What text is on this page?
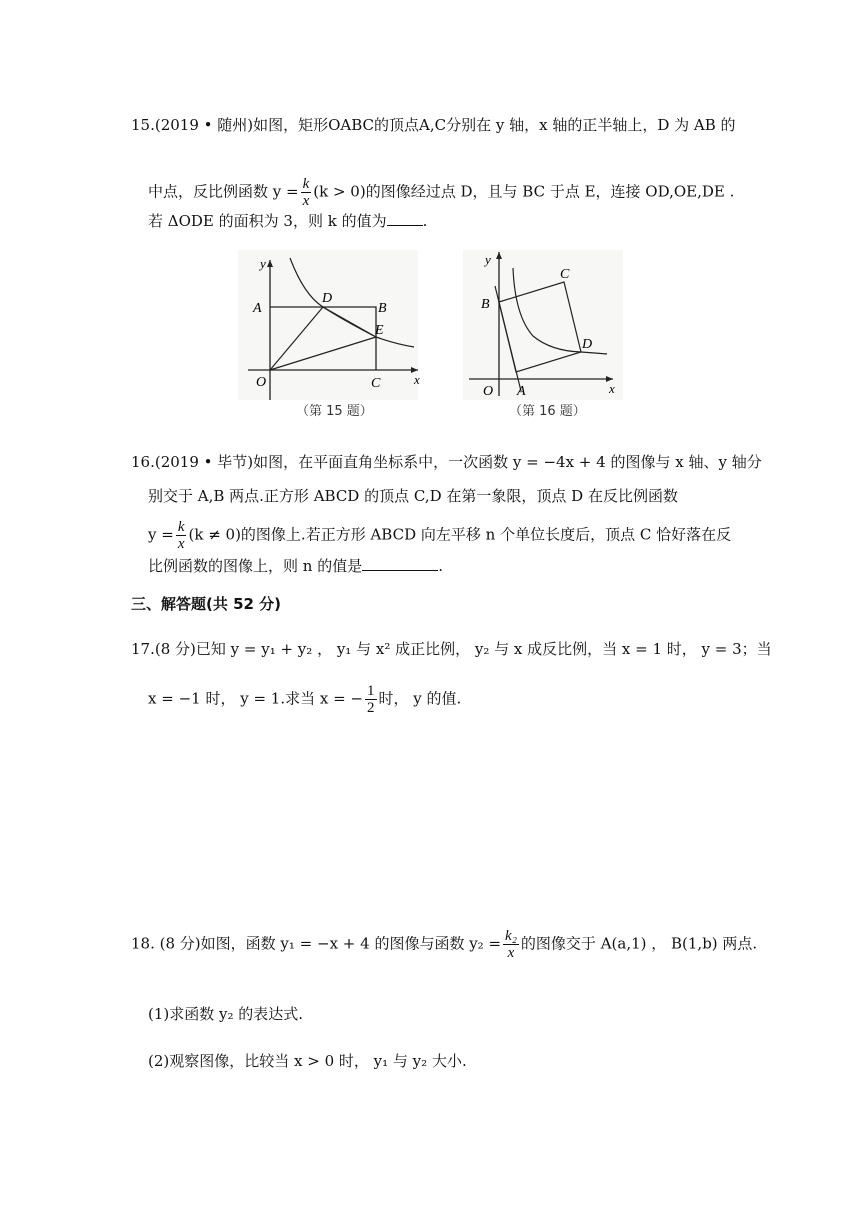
15.(2019 • 随州)如图，矩形OABC的顶点A,C分别在 y 轴，x 轴的正半轴上，D 为 AB 的
中点，反比例函数 $y = \frac{k}{x} (k > 0)$的图像经过点 D，且与 BC 于点 E，连接 OD,OE,DE .
若 ΔODE 的面积为 3，则 k 的值为 .
y
x
A	B
C
D
E
O
（第 15 题）
y
x
B
C
D
A
O
（第 16 题）
16.(2019 • 毕节)如图，在平面直角坐标系中，一次函数 y = −4x + 4 的图像与 x 轴、y 轴分
别交于 A,B 两点.正方形 ABCD 的顶点 C,D 在第一象限，顶点 D 在反比例函数
$y = \frac{k}{x} (k \ne 0)$的图像上.若正方形 ABCD 向左平移 n 个单位长度后，顶点 C 恰好落在反
比例函数的图像上，则 n 的值是	.
三、解答题(共 52 分)
17.(8 分)已知 y = y₁ + y₂ ， y₁ 与 x² 成正比例， y₂ 与 x 成反比例，当 x = 1 时， y = 3；当
x = −1 时， y = 1.求当 x = − $\frac{1}{2}$ 时， y 的值.
18. (8 分)如图，函数 y₁ = −x + 4 的图像与函数 $y_2 = \frac{\text{k₂}}{x}$ 的图像交于 A(a,1) ， B(1,b) 两点.
(1)求函数 y₂ 的表达式.
(2)观察图像，比较当 x > 0 时， y₁ 与 y₂ 大小.
